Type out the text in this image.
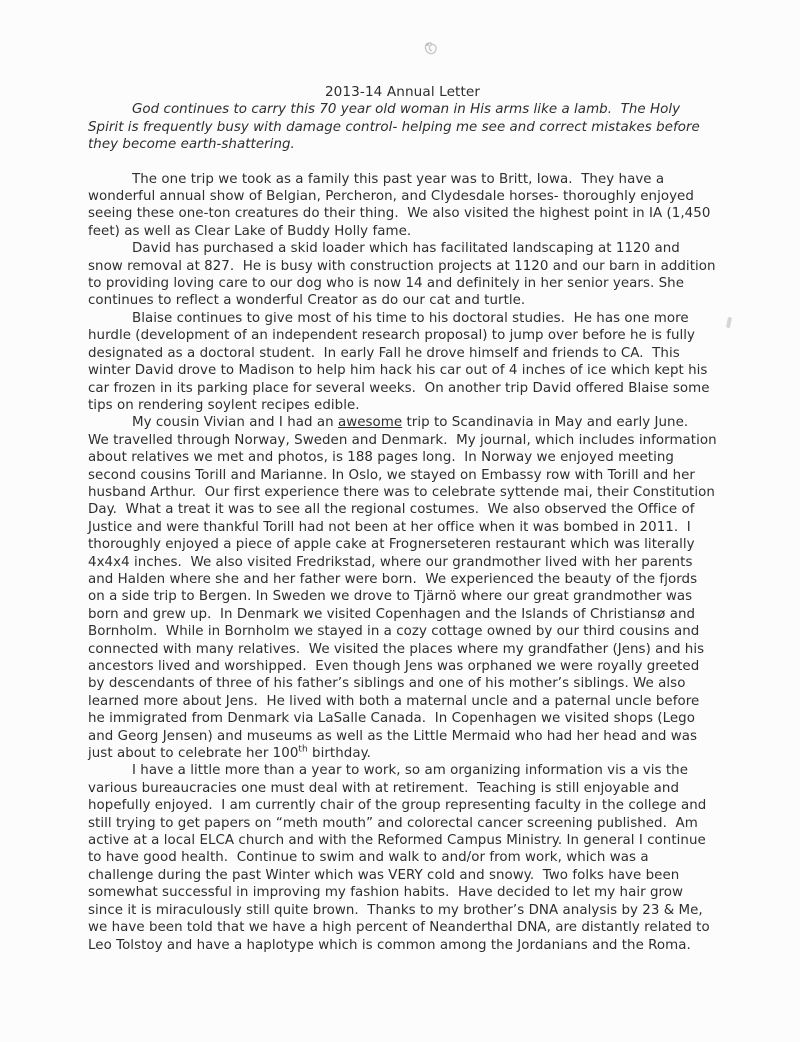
2013-14 Annual Letter

God continues to carry this 70 year old woman in His arms like a lamb.  The Holy Spirit is frequently busy with damage control- helping me see and correct mistakes before they become earth-shattering.

The one trip we took as a family this past year was to Britt, Iowa.  They have a wonderful annual show of Belgian, Percheron, and Clydesdale horses- thoroughly enjoyed seeing these one-ton creatures do their thing.  We also visited the highest point in IA (1,450 feet) as well as Clear Lake of Buddy Holly fame.

David has purchased a skid loader which has facilitated landscaping at 1120 and snow removal at 827.  He is busy with construction projects at 1120 and our barn in addition to providing loving care to our dog who is now 14 and definitely in her senior years. She continues to reflect a wonderful Creator as do our cat and turtle.

Blaise continues to give most of his time to his doctoral studies.  He has one more hurdle (development of an independent research proposal) to jump over before he is fully designated as a doctoral student.  In early Fall he drove himself and friends to CA.  This winter David drove to Madison to help him hack his car out of 4 inches of ice which kept his car frozen in its parking place for several weeks.  On another trip David offered Blaise some tips on rendering soylent recipes edible.

My cousin Vivian and I had an awesome trip to Scandinavia in May and early June.  We travelled through Norway, Sweden and Denmark.  My journal, which includes information about relatives we met and photos, is 188 pages long.  In Norway we enjoyed meeting second cousins Torill and Marianne. In Oslo, we stayed on Embassy row with Torill and her husband Arthur.  Our first experience there was to celebrate syttende mai, their Constitution Day.  What a treat it was to see all the regional costumes.  We also observed the Office of Justice and were thankful Torill had not been at her office when it was bombed in 2011.  I thoroughly enjoyed a piece of apple cake at Frognerseteren restaurant which was literally 4x4x4 inches.  We also visited Fredrikstad, where our grandmother lived with her parents and Halden where she and her father were born.  We experienced the beauty of the fjords on a side trip to Bergen. In Sweden we drove to Tjärnö where our great grandmother was born and grew up.  In Denmark we visited Copenhagen and the Islands of Christiansø and Bornholm.  While in Bornholm we stayed in a cozy cottage owned by our third cousins and connected with many relatives.  We visited the places where my grandfather (Jens) and his ancestors lived and worshipped.  Even though Jens was orphaned we were royally greeted by descendants of three of his father’s siblings and one of his mother’s siblings. We also learned more about Jens.  He lived with both a maternal uncle and a paternal uncle before he immigrated from Denmark via LaSalle Canada.  In Copenhagen we visited shops (Lego and Georg Jensen) and museums as well as the Little Mermaid who had her head and was just about to celebrate her 100th birthday.

I have a little more than a year to work, so am organizing information vis a vis the various bureaucracies one must deal with at retirement.  Teaching is still enjoyable and hopefully enjoyed.  I am currently chair of the group representing faculty in the college and still trying to get papers on “meth mouth” and colorectal cancer screening published.  Am active at a local ELCA church and with the Reformed Campus Ministry. In general I continue to have good health.  Continue to swim and walk to and/or from work, which was a challenge during the past Winter which was VERY cold and snowy.  Two folks have been somewhat successful in improving my fashion habits.  Have decided to let my hair grow since it is miraculously still quite brown.  Thanks to my brother’s DNA analysis by 23 & Me, we have been told that we have a high percent of Neanderthal DNA, are distantly related to Leo Tolstoy and have a haplotype which is common among the Jordanians and the Roma.
